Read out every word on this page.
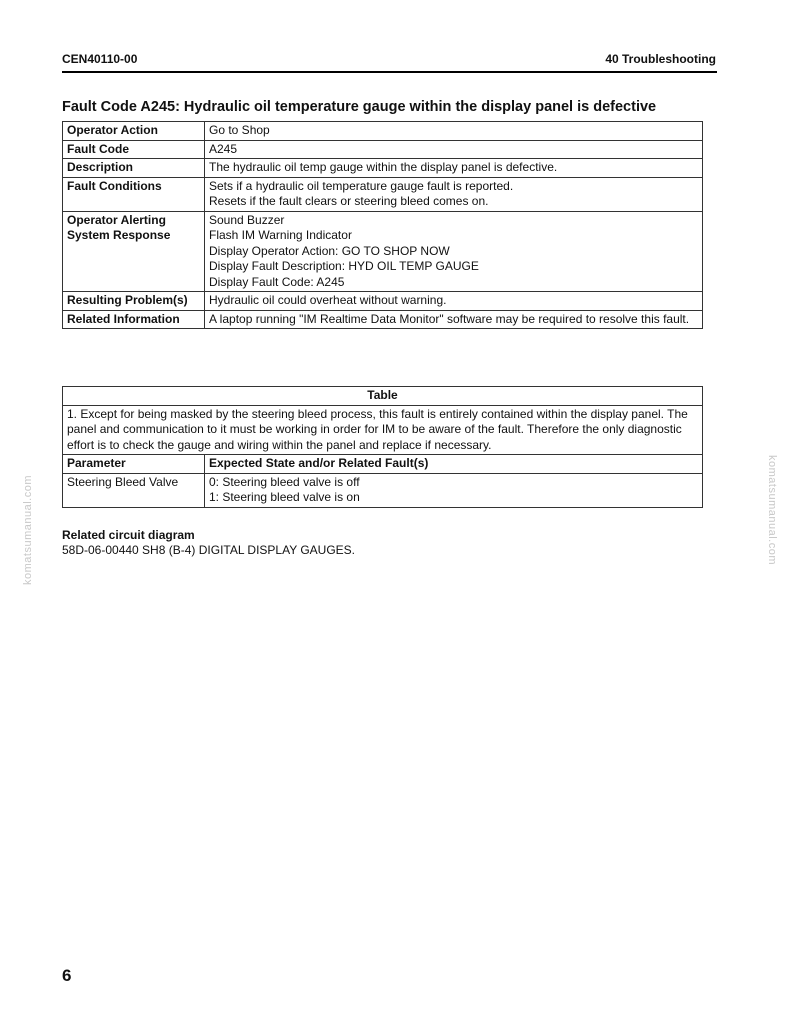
CEN40110-00	40 Troubleshooting
Fault Code A245: Hydraulic oil temperature gauge within the display panel is defective
Operator Action	Go to Shop
Fault Code	A245
Description	The hydraulic oil temp gauge within the display panel is defective.
Fault Conditions	Sets if a hydraulic oil temperature gauge fault is reported.
Resets if the fault clears or steering bleed comes on.
Operator Alerting System Response	Sound Buzzer
Flash IM Warning Indicator
Display Operator Action: GO TO SHOP NOW
Display Fault Description: HYD OIL TEMP GAUGE
Display Fault Code: A245
Resulting Problem(s)	Hydraulic oil could overheat without warning.
Related Information	A laptop running "IM Realtime Data Monitor" software may be required to resolve this fault.
Table	
1. Except for being masked by the steering bleed process, this fault is entirely contained within the display panel. The panel and communication to it must be working in order for IM to be aware of the fault. Therefore the only diagnostic effort is to check the gauge and wiring within the panel and replace if necessary.	
Parameter	Expected State and/or Related Fault(s)
Steering Bleed Valve	0: Steering bleed valve is off
1: Steering bleed valve is on
Related circuit diagram
58D-06-00440 SH8 (B-4) DIGITAL DISPLAY GAUGES.
komatsumanual.com	komatsumanual.com
6
